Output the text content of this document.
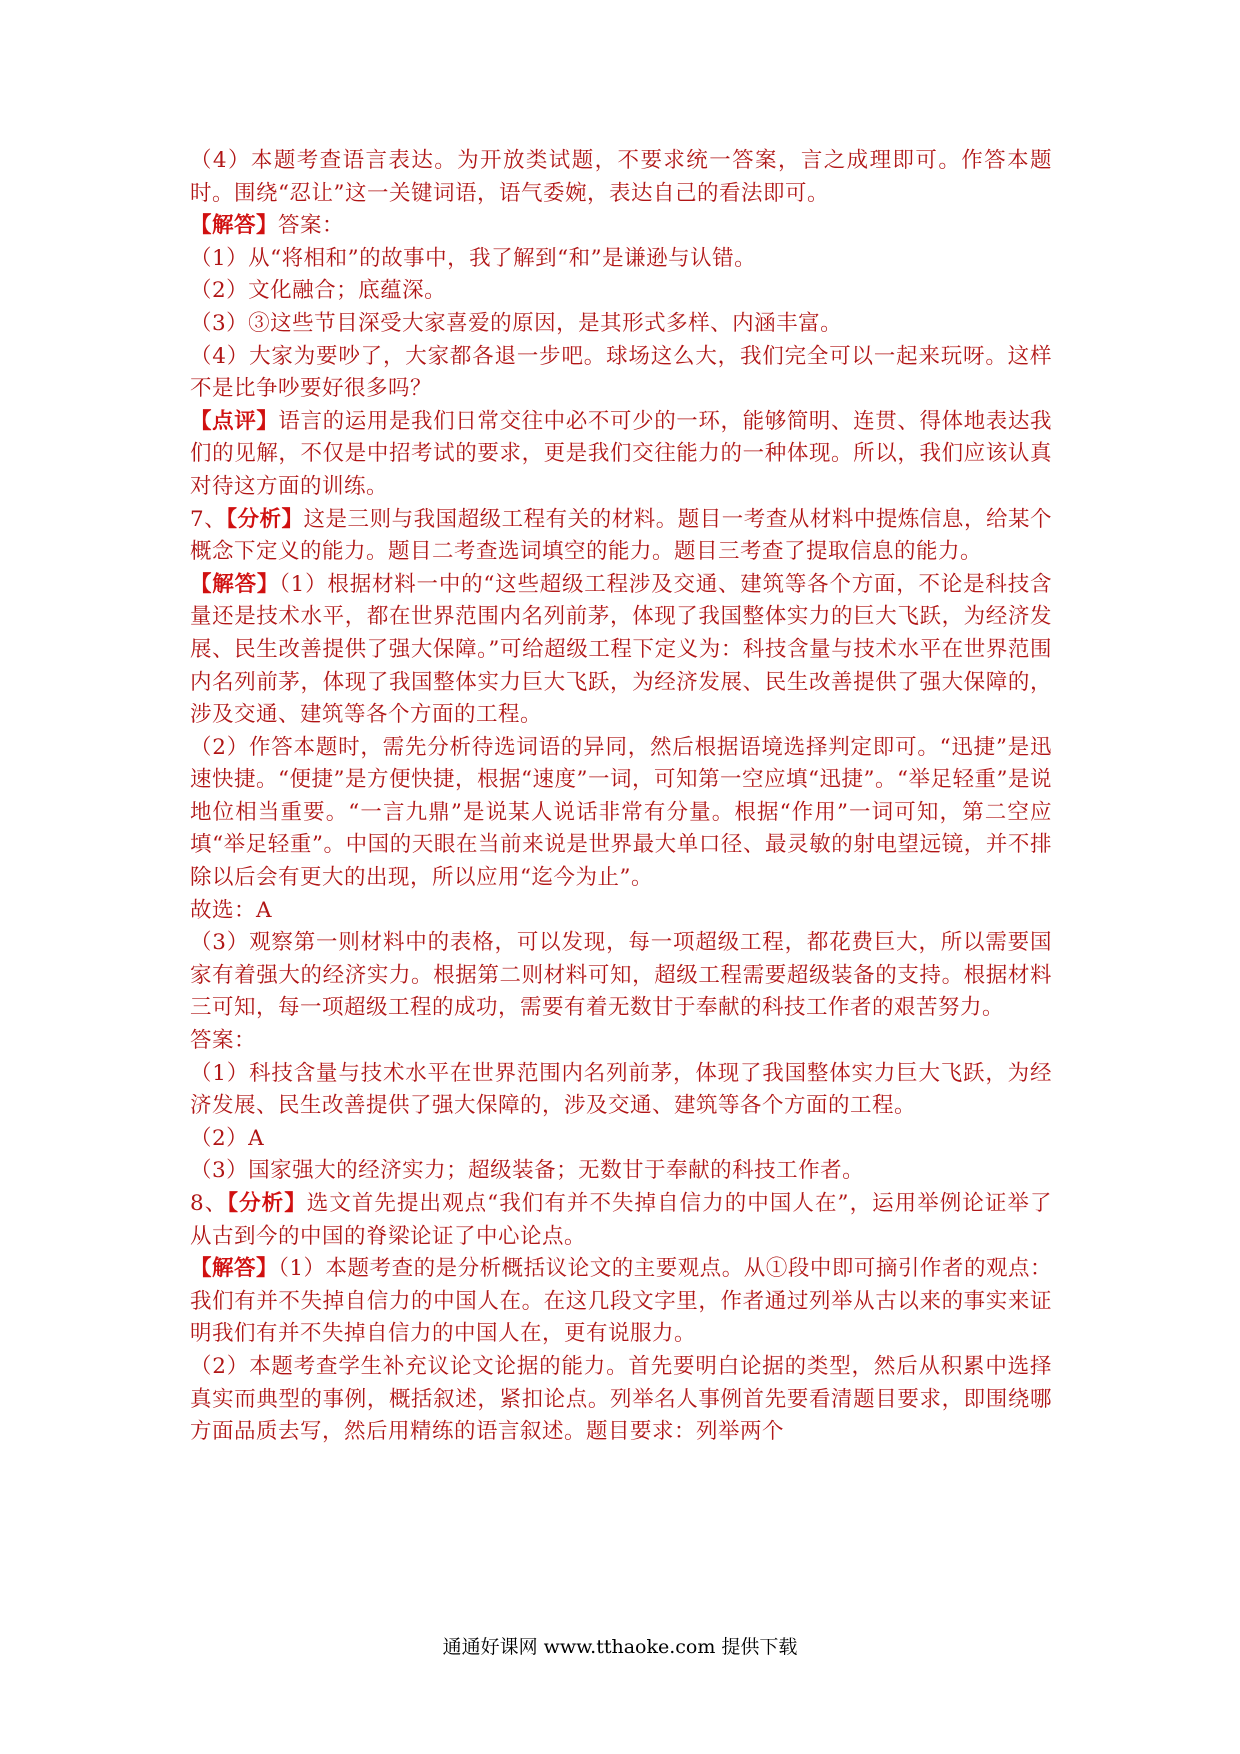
（4）本题考查语言表达。为开放类试题，不要求统一答案，言之成理即可。作答本题时。围绕“忍让”这一关键词语，语气委婉，表达自己的看法即可。

【解答】答案：

（1）从“将相和”的故事中，我了解到“和”是谦逊与认错。

（2）文化融合；底蕴深。

（3）③这些节目深受大家喜爱的原因，是其形式多样、内涵丰富。

（4）大家为要吵了，大家都各退一步吧。球场这么大，我们完全可以一起来玩呀。这样不是比争吵要好很多吗？

【点评】语言的运用是我们日常交往中必不可少的一环，能够简明、连贯、得体地表达我们的见解，不仅是中招考试的要求，更是我们交往能力的一种体现。所以，我们应该认真对待这方面的训练。

7、【分析】这是三则与我国超级工程有关的材料。题目一考查从材料中提炼信息，给某个概念下定义的能力。题目二考查选词填空的能力。题目三考查了提取信息的能力。

【解答】（1）根据材料一中的“这些超级工程涉及交通、建筑等各个方面，不论是科技含量还是技术水平，都在世界范围内名列前茅，体现了我国整体实力的巨大飞跃，为经济发展、民生改善提供了强大保障。”可给超级工程下定义为：科技含量与技术水平在世界范围内名列前茅，体现了我国整体实力巨大飞跃，为经济发展、民生改善提供了强大保障的，涉及交通、建筑等各个方面的工程。

（2）作答本题时，需先分析待选词语的异同，然后根据语境选择判定即可。“迅捷”是迅速快捷。“便捷”是方便快捷，根据“速度”一词，可知第一空应填“迅捷”。“举足轻重”是说地位相当重要。“一言九鼎”是说某人说话非常有分量。根据“作用”一词可知，第二空应填“举足轻重”。中国的天眼在当前来说是世界最大单口径、最灵敏的射电望远镜，并不排除以后会有更大的出现，所以应用“迄今为止”。

故选：A

（3）观察第一则材料中的表格，可以发现，每一项超级工程，都花费巨大，所以需要国家有着强大的经济实力。根据第二则材料可知，超级工程需要超级装备的支持。根据材料三可知，每一项超级工程的成功，需要有着无数甘于奉献的科技工作者的艰苦努力。

答案：

（1）科技含量与技术水平在世界范围内名列前茅，体现了我国整体实力巨大飞跃，为经济发展、民生改善提供了强大保障的，涉及交通、建筑等各个方面的工程。

（2）A

（3）国家强大的经济实力；超级装备；无数甘于奉献的科技工作者。

8、【分析】选文首先提出观点“我们有并不失掉自信力的中国人在”，运用举例论证举了从古到今的中国的脊梁论证了中心论点。

【解答】（1）本题考查的是分析概括议论文的主要观点。从①段中即可摘引作者的观点：我们有并不失掉自信力的中国人在。在这几段文字里，作者通过列举从古以来的事实来证明我们有并不失掉自信力的中国人在，更有说服力。

（2）本题考查学生补充议论文论据的能力。首先要明白论据的类型，然后从积累中选择真实而典型的事例，概括叙述，紧扣论点。列举名人事例首先要看清题目要求，即围绕哪方面品质去写，然后用精练的语言叙述。题目要求：列举两个

通通好课网 www.tthaoke.com 提供下载
